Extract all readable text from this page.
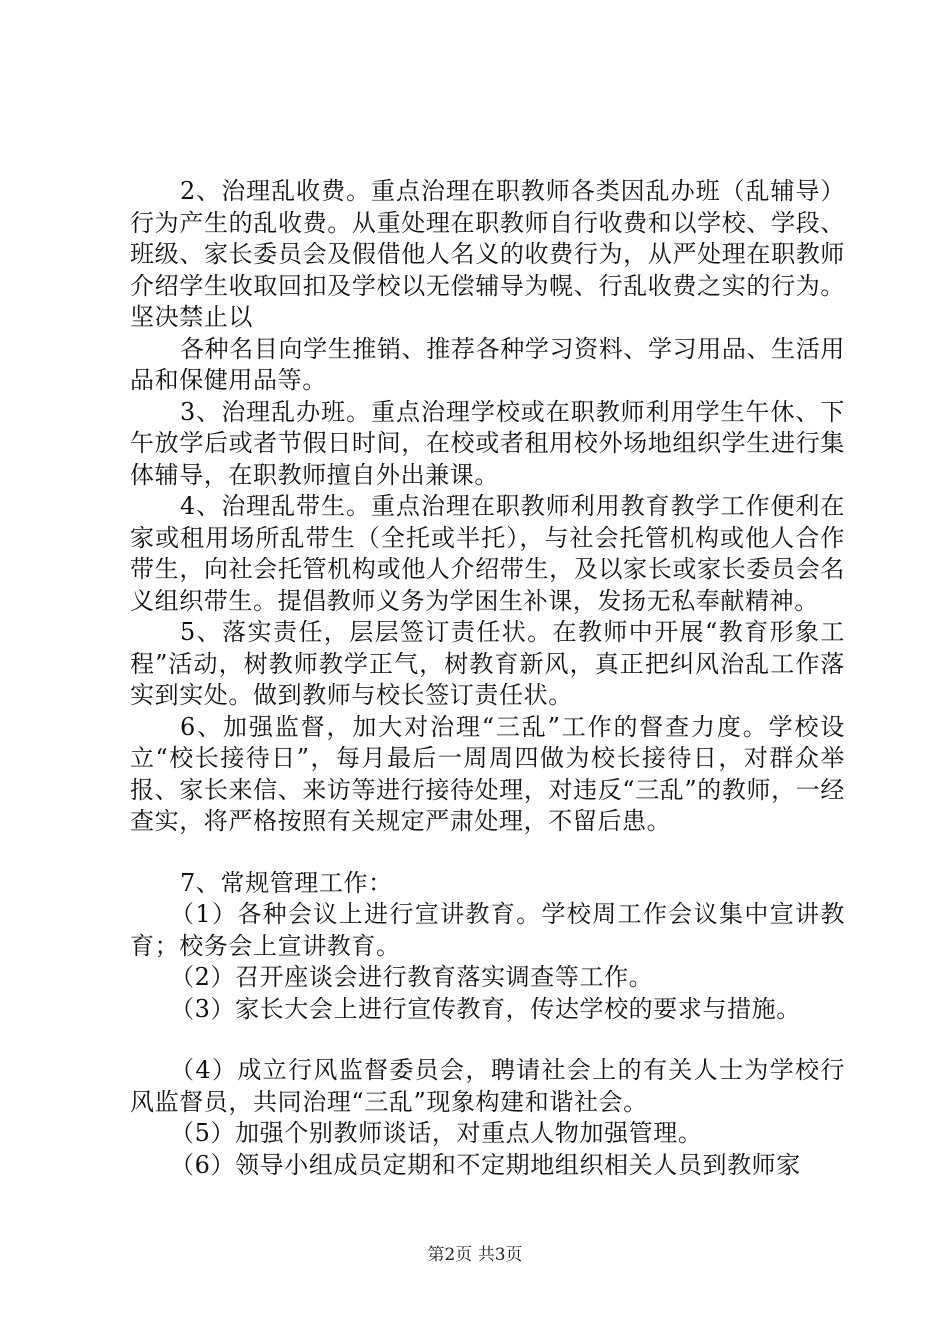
2、治理乱收费。重点治理在职教师各类因乱办班（乱辅导）行为产生的乱收费。从重处理在职教师自行收费和以学校、学段、班级、家长委员会及假借他人名义的收费行为，从严处理在职教师介绍学生收取回扣及学校以无偿辅导为幌、行乱收费之实的行为。坚决禁止以

各种名目向学生推销、推荐各种学习资料、学习用品、生活用品和保健用品等。

3、治理乱办班。重点治理学校或在职教师利用学生午休、下午放学后或者节假日时间，在校或者租用校外场地组织学生进行集体辅导，在职教师擅自外出兼课。

4、治理乱带生。重点治理在职教师利用教育教学工作便利在家或租用场所乱带生（全托或半托），与社会托管机构或他人合作带生，向社会托管机构或他人介绍带生，及以家长或家长委员会名义组织带生。提倡教师义务为学困生补课，发扬无私奉献精神。

5、落实责任，层层签订责任状。在教师中开展“教育形象工程”活动，树教师教学正气，树教育新风，真正把纠风治乱工作落实到实处。做到教师与校长签订责任状。

6、加强监督，加大对治理“三乱”工作的督查力度。学校设立“校长接待日”，每月最后一周周四做为校长接待日，对群众举报、家长来信、来访等进行接待处理，对违反“三乱”的教师，一经查实，将严格按照有关规定严肃处理，不留后患。

7、常规管理工作：

（1）各种会议上进行宣讲教育。学校周工作会议集中宣讲教育；校务会上宣讲教育。

（2）召开座谈会进行教育落实调查等工作。

（3）家长大会上进行宣传教育，传达学校的要求与措施。

（4）成立行风监督委员会，聘请社会上的有关人士为学校行风监督员，共同治理“三乱”现象构建和谐社会。

（5）加强个别教师谈话，对重点人物加强管理。

（6）领导小组成员定期和不定期地组织相关人员到教师家

第2页 共3页
